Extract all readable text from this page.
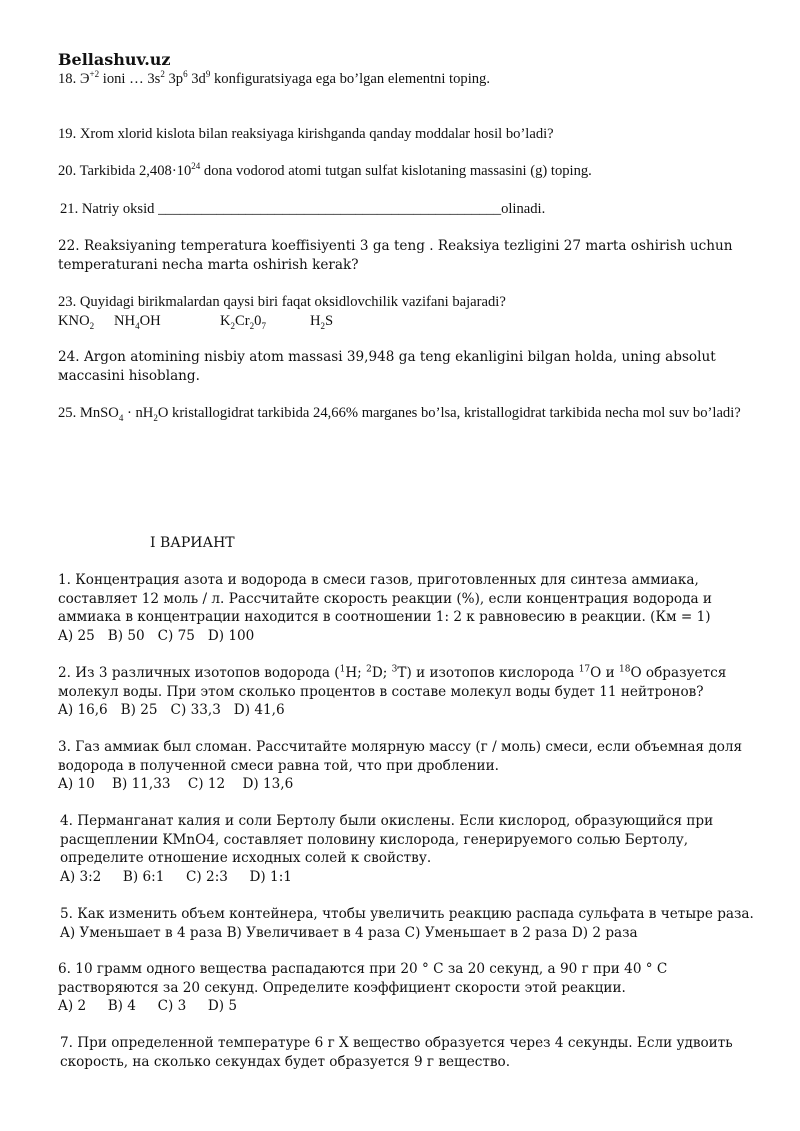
Bellashuv.uz
18. $Э^{+2}$ ioni … $3s^2$ $3p^6$ $3d^9$ konfiguratsiyaga ega bo’lgan elementni toping.
19. Xrom xlorid kislota bilan reaksiyaga kirishganda qanday moddalar hosil bo’ladi?
20. Tarkibida $2,408\cdot 10^{24}$ dona vodorod atomi tutgan sulfat kislotaning massasini (g) toping.
21. Natriy oksid _______________________________________________olinadi.
22. Reaksiyaning temperatura koeffisiyenti 3 ga teng . Reaksiya tezligini 27 marta oshirish uchun temperaturani necha marta oshirish kerak?
23. Quyidagi birikmalardan qaysi biri faqat oksidlovchilik vazifani bajaradi?
$KNO_2$ $NH_4OH$	$K_2Cr_20_7$	$H_2S$
24. Argon atomining nisbiy atom massasi 39,948 ga teng ekanligini bilgan holda, uning absolut массasini hisoblang.
25. MnSO$_4$ · $nH_2O$ kristallogidrat tarkibida 24,66% marganes bo’lsa, kristallogidrat tarkibida necha mol suv bo’ladi?
I ВАРИАНТ

1. Концентрация азота и водорода в смеси газов, приготовленных для синтеза аммиака, составляет 12 моль / л. Рассчитайте скорость реакции (%), если концентрация водорода и аммиака в концентрации находится в соотношении 1: 2 к равновесию в реакции. (Км = 1)

A) 25   B) 50   C) 75   D) 100

2. Из 3 различных изотопов водорода ($^1$H; $^2$D; $^3$T) и изотопов кислорода $^{17}$O и $^{18}$O образуется молекул воды. При этом сколько процентов в составе молекул воды будет 11 нейтронов?

A) 16,6   B) 25   C) 33,3   D) 41,6

3. Газ аммиак был сломан. Рассчитайте молярную массу (г / моль) смеси, если объемная доля водорода в полученной смеси равна той, что при дроблении.

A) 10    B) 11,33    C) 12    D) 13,6

4. Перманганат калия и соли Бертолу были окислены. Если кислород, образующийся при расщеплении KMnO4, составляет половину кислорода, генерируемого солью Бертолу, определите отношение исходных солей к свойству.

A) 3:2     B) 6:1     C) 2:3     D) 1:1

5. Как изменить объем контейнера, чтобы увеличить реакцию распада сульфата в четыре раза.

A) Уменьшает в 4 раза B) Увеличивает в 4 раза C) Уменьшает в 2 раза D) 2 раза

6. 10 грамм одного вещества распадаются при 20 ° С за 20 секунд, а 90 г при 40 ° С растворяются за 20 секунд. Определите коэффициент скорости этой реакции.

A) 2     B) 4     C) 3     D) 5

7. При определенной температуре 6 г X вещество образуется через 4 секунды. Если удвоить скорость, на сколько секундах будет образуется 9 г вещество.
